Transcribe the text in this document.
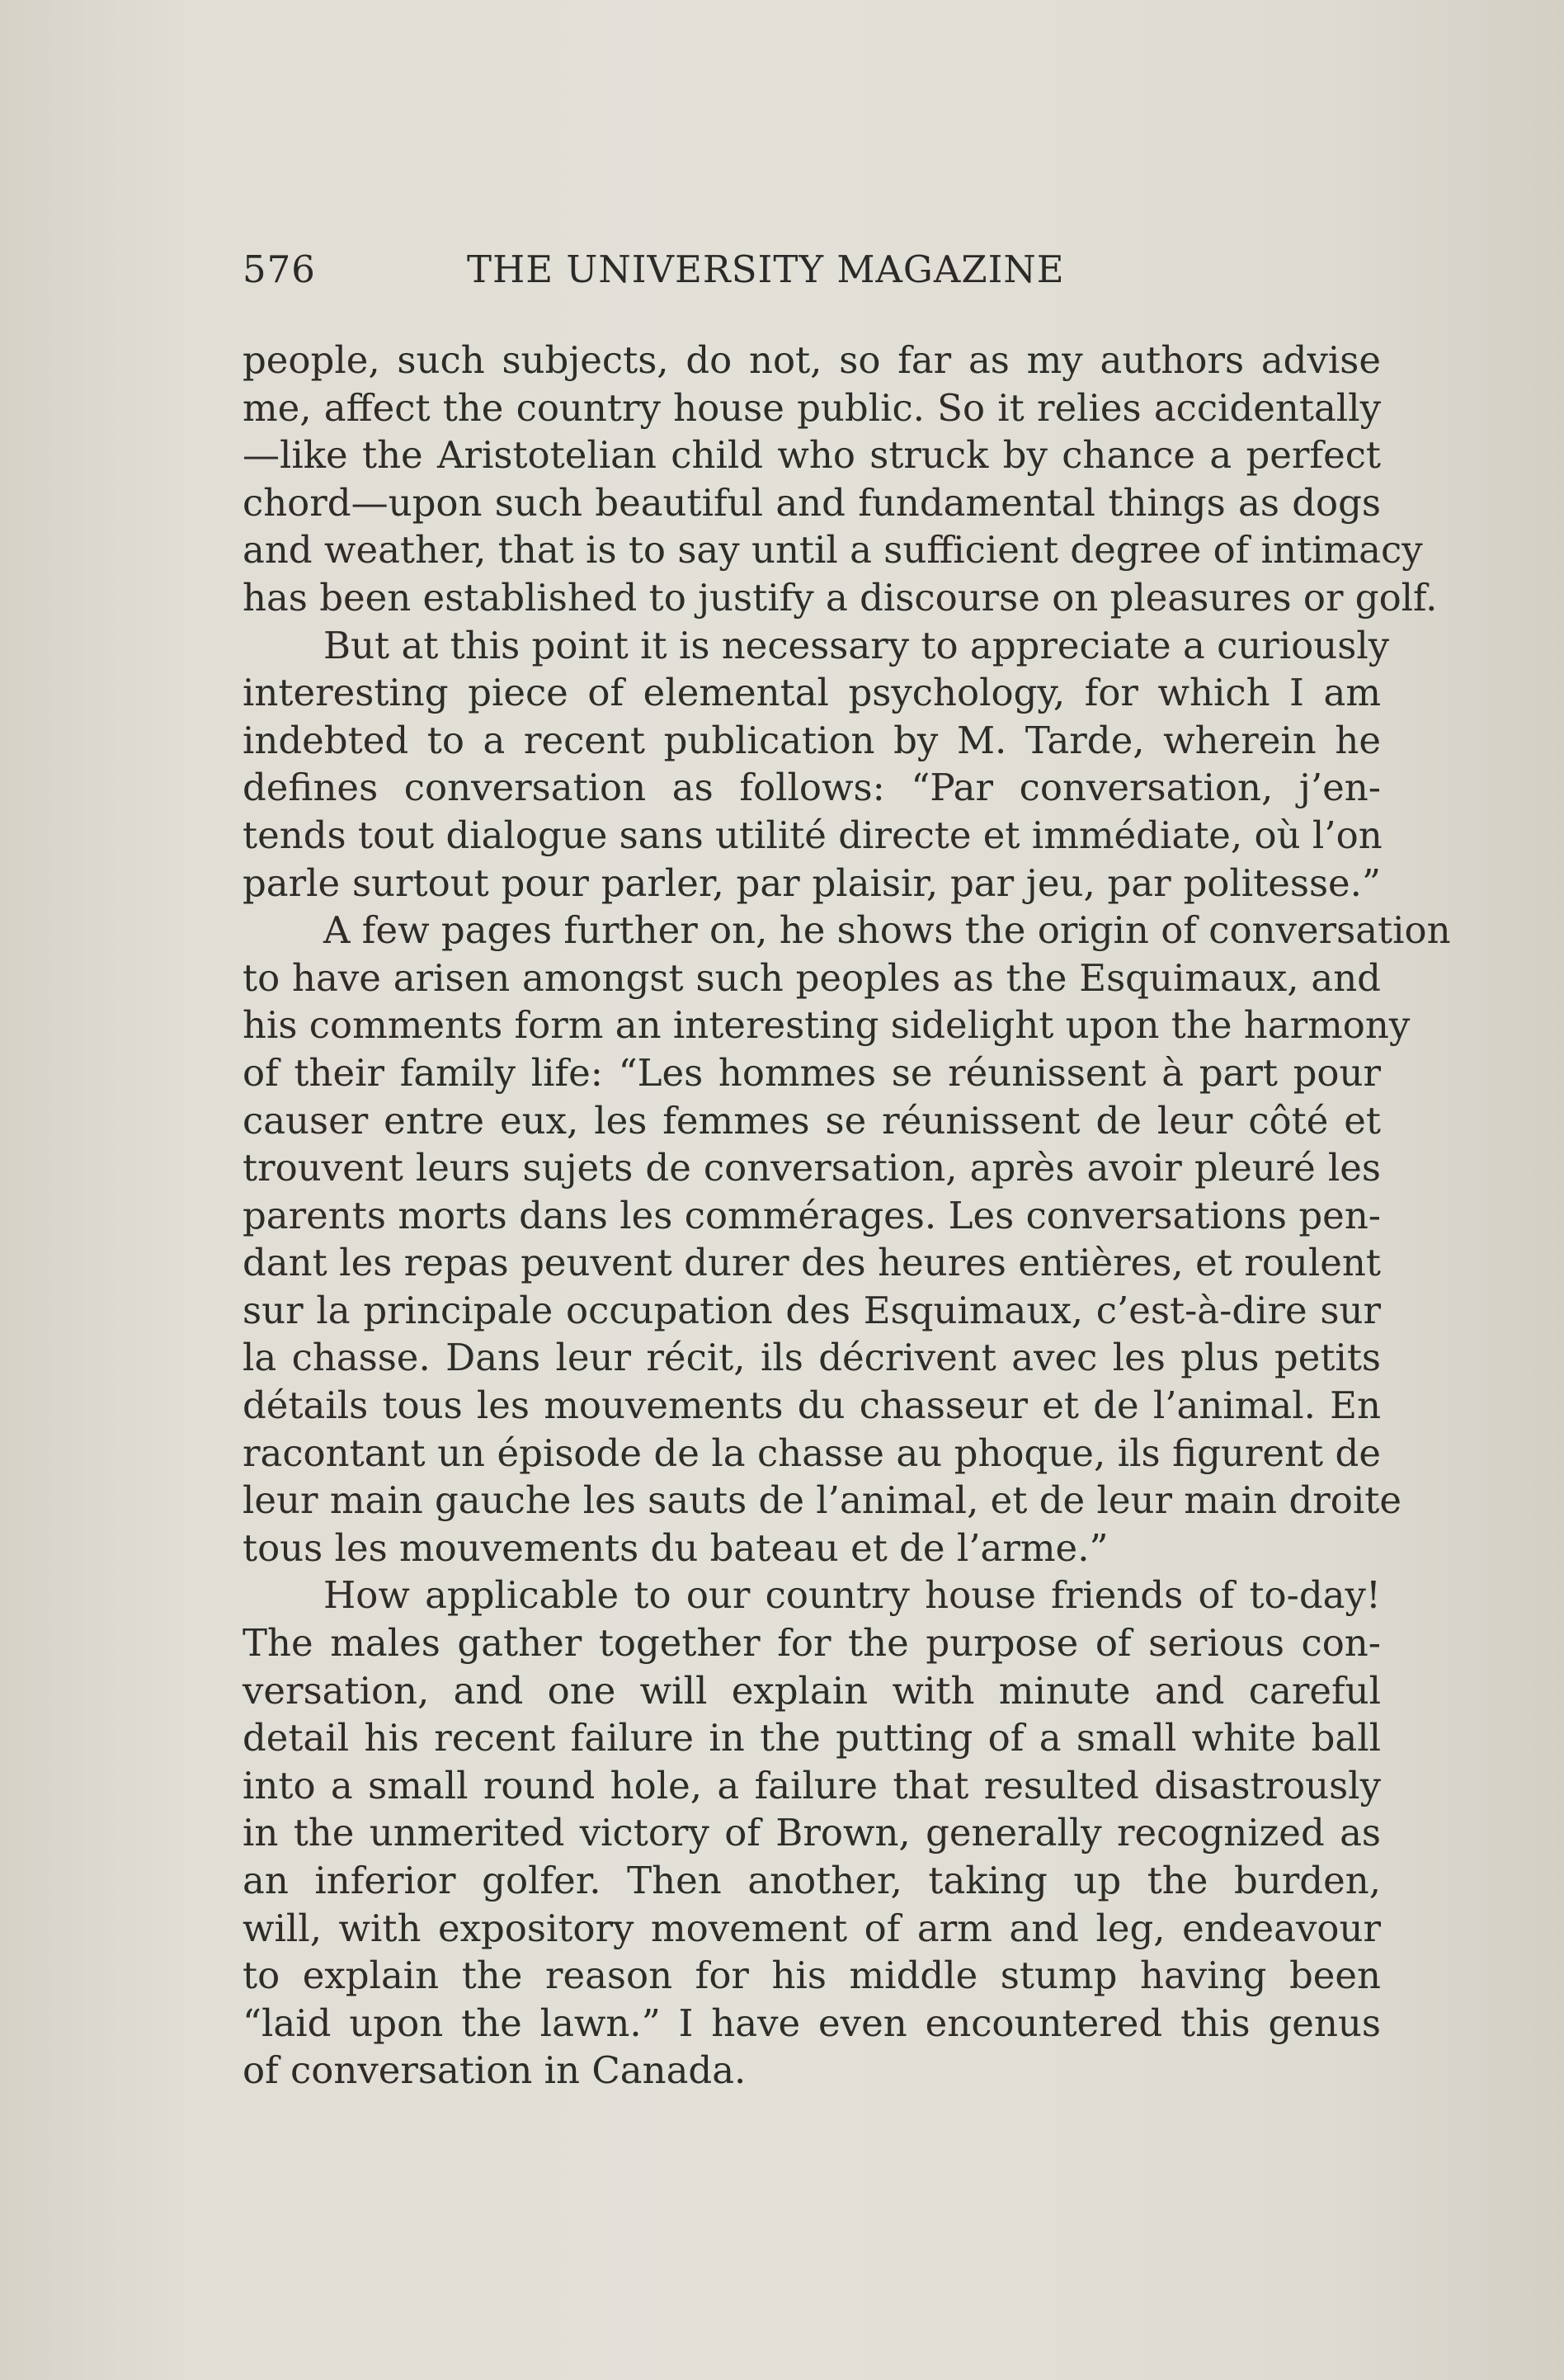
576	THE UNIVERSITY MAGAZINE
people, such subjects, do not, so far as my authors advise
me, affect the country house public. So it relies accidentally
—like the Aristotelian child who struck by chance a perfect
chord—upon such beautiful and fundamental things as dogs
and weather, that is to say until a sufficient degree of intimacy
has been established to justify a discourse on pleasures or golf.
But at this point it is necessary to appreciate a curiously
interesting piece of elemental psychology, for which I am
indebted to a recent publication by M. Tarde, wherein he
defines conversation as follows: “Par conversation, j’en-
tends tout dialogue sans utilité directe et immédiate, où l’on
parle surtout pour parler, par plaisir, par jeu, par politesse.”
A few pages further on, he shows the origin of conversation
to have arisen amongst such peoples as the Esquimaux, and
his comments form an interesting sidelight upon the harmony
of their family life: “Les hommes se réunissent à part pour
causer entre eux, les femmes se réunissent de leur côté et
trouvent leurs sujets de conversation, après avoir pleuré les
parents morts dans les commérages. Les conversations pen-
dant les repas peuvent durer des heures entières, et roulent
sur la principale occupation des Esquimaux, c’est-à-dire sur
la chasse. Dans leur récit, ils décrivent avec les plus petits
détails tous les mouvements du chasseur et de l’animal. En
racontant un épisode de la chasse au phoque, ils figurent de
leur main gauche les sauts de l’animal, et de leur main droite
tous les mouvements du bateau et de l’arme.”
How applicable to our country house friends of to-day!
The males gather together for the purpose of serious con-
versation, and one will explain with minute and careful
detail his recent failure in the putting of a small white ball
into a small round hole, a failure that resulted disastrously
in the unmerited victory of Brown, generally recognized as
an inferior golfer. Then another, taking up the burden,
will, with expository movement of arm and leg, endeavour
to explain the reason for his middle stump having been
“laid upon the lawn.” I have even encountered this genus
of conversation in Canada.
